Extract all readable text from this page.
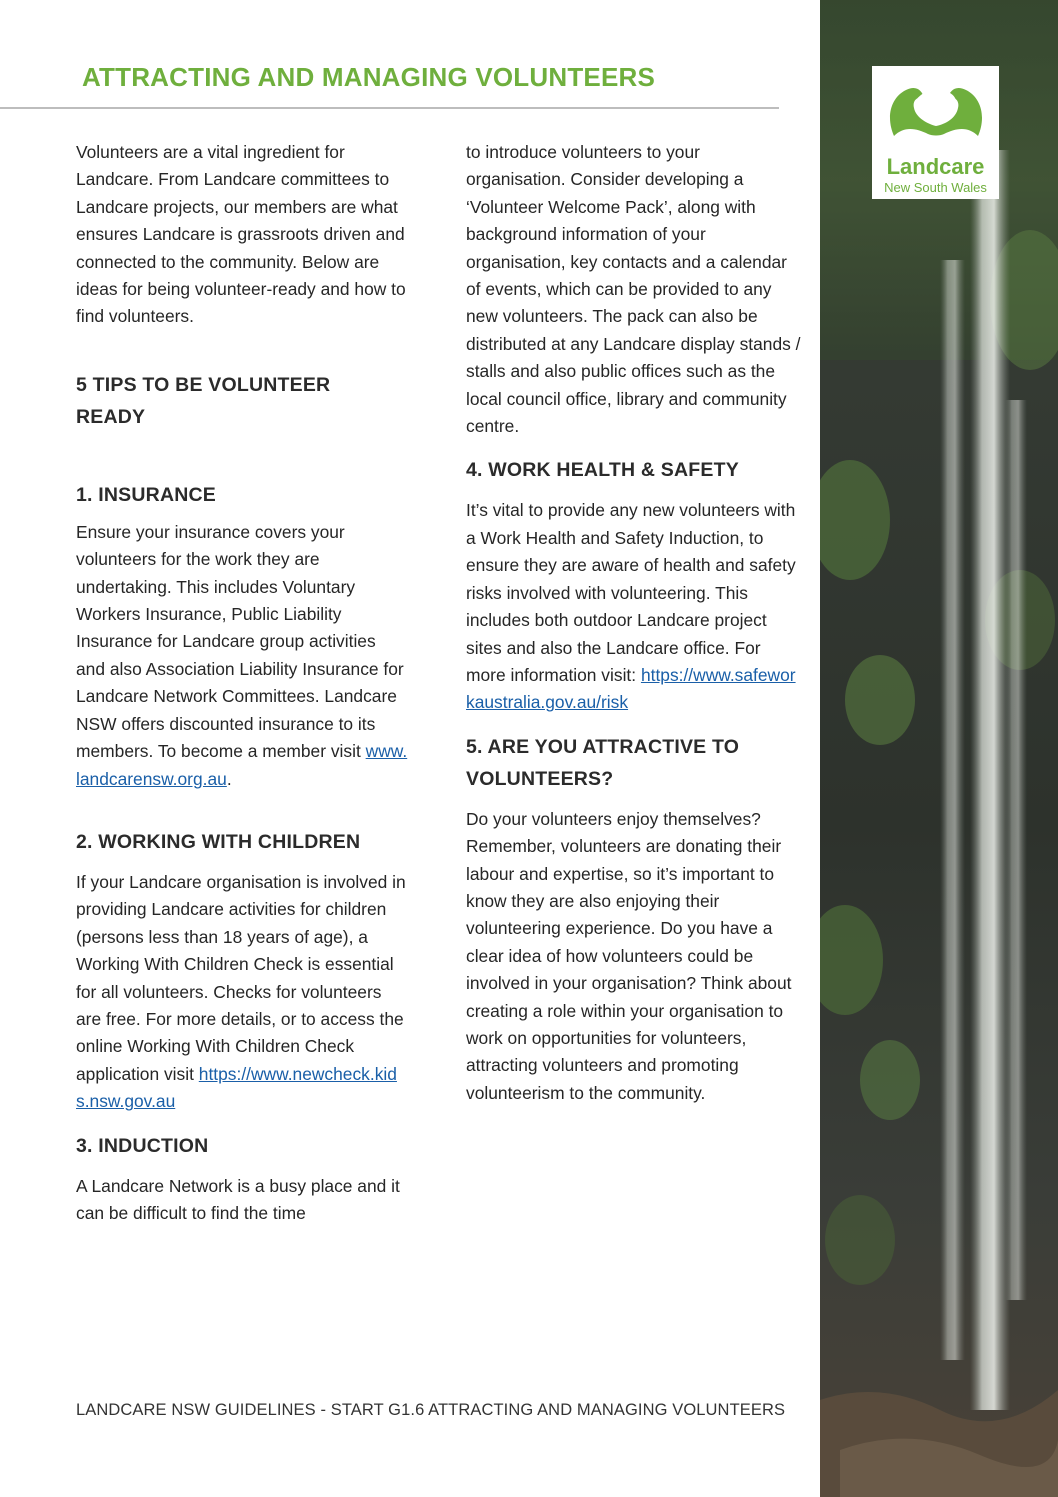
ATTRACTING AND MANAGING VOLUNTEERS

Volunteers are a vital ingredient for Landcare. From Landcare committees to Landcare projects, our members are what ensures Landcare is grassroots driven and connected to the community. Below are ideas for being volunteer-ready and how to find volunteers.

5 TIPS TO BE VOLUNTEER READY
1. INSURANCE

Ensure your insurance covers your volunteers for the work they are undertaking. This includes Voluntary Workers Insurance, Public Liability Insurance for Landcare group activities and also Association Liability Insurance for Landcare Network Committees. Landcare NSW offers discounted insurance to its members. To become a member visit www.landcarensw.org.au.

2. WORKING WITH CHILDREN

If your Landcare organisation is involved in providing Landcare activities for children (persons less than 18 years of age), a Working With Children Check is essential for all volunteers. Checks for volunteers are free. For more details, or to access the online Working With Children Check application visit https://www.newcheck.kids.nsw.gov.au

3. INDUCTION

A Landcare Network is a busy place and it can be difficult to find the time

to introduce volunteers to your organisation. Consider developing a ‘Volunteer Welcome Pack’, along with background information of your organisation, key contacts and a calendar of events, which can be provided to any new volunteers. The pack can also be distributed at any Landcare display stands / stalls and also public offices such as the local council office, library and community centre.

4. WORK HEALTH & SAFETY

It’s vital to provide any new volunteers with a Work Health and Safety Induction, to ensure they are aware of health and safety risks involved with volunteering. This includes both outdoor Landcare project sites and also the Landcare office. For more information visit: https://www.safeworkaustralia.gov.au/risk

5. ARE YOU ATTRACTIVE TO VOLUNTEERS?

Do your volunteers enjoy themselves? Remember, volunteers are donating their labour and expertise, so it’s important to know they are also enjoying their volunteering experience. Do you have a clear idea of how volunteers could be involved in your organisation? Think about creating a role within your organisation to work on opportunities for volunteers, attracting volunteers and promoting volunteerism to the community.

Landcare
New South Wales
LANDCARE NSW GUIDELINES - START G1.6 ATTRACTING AND MANAGING VOLUNTEERS
